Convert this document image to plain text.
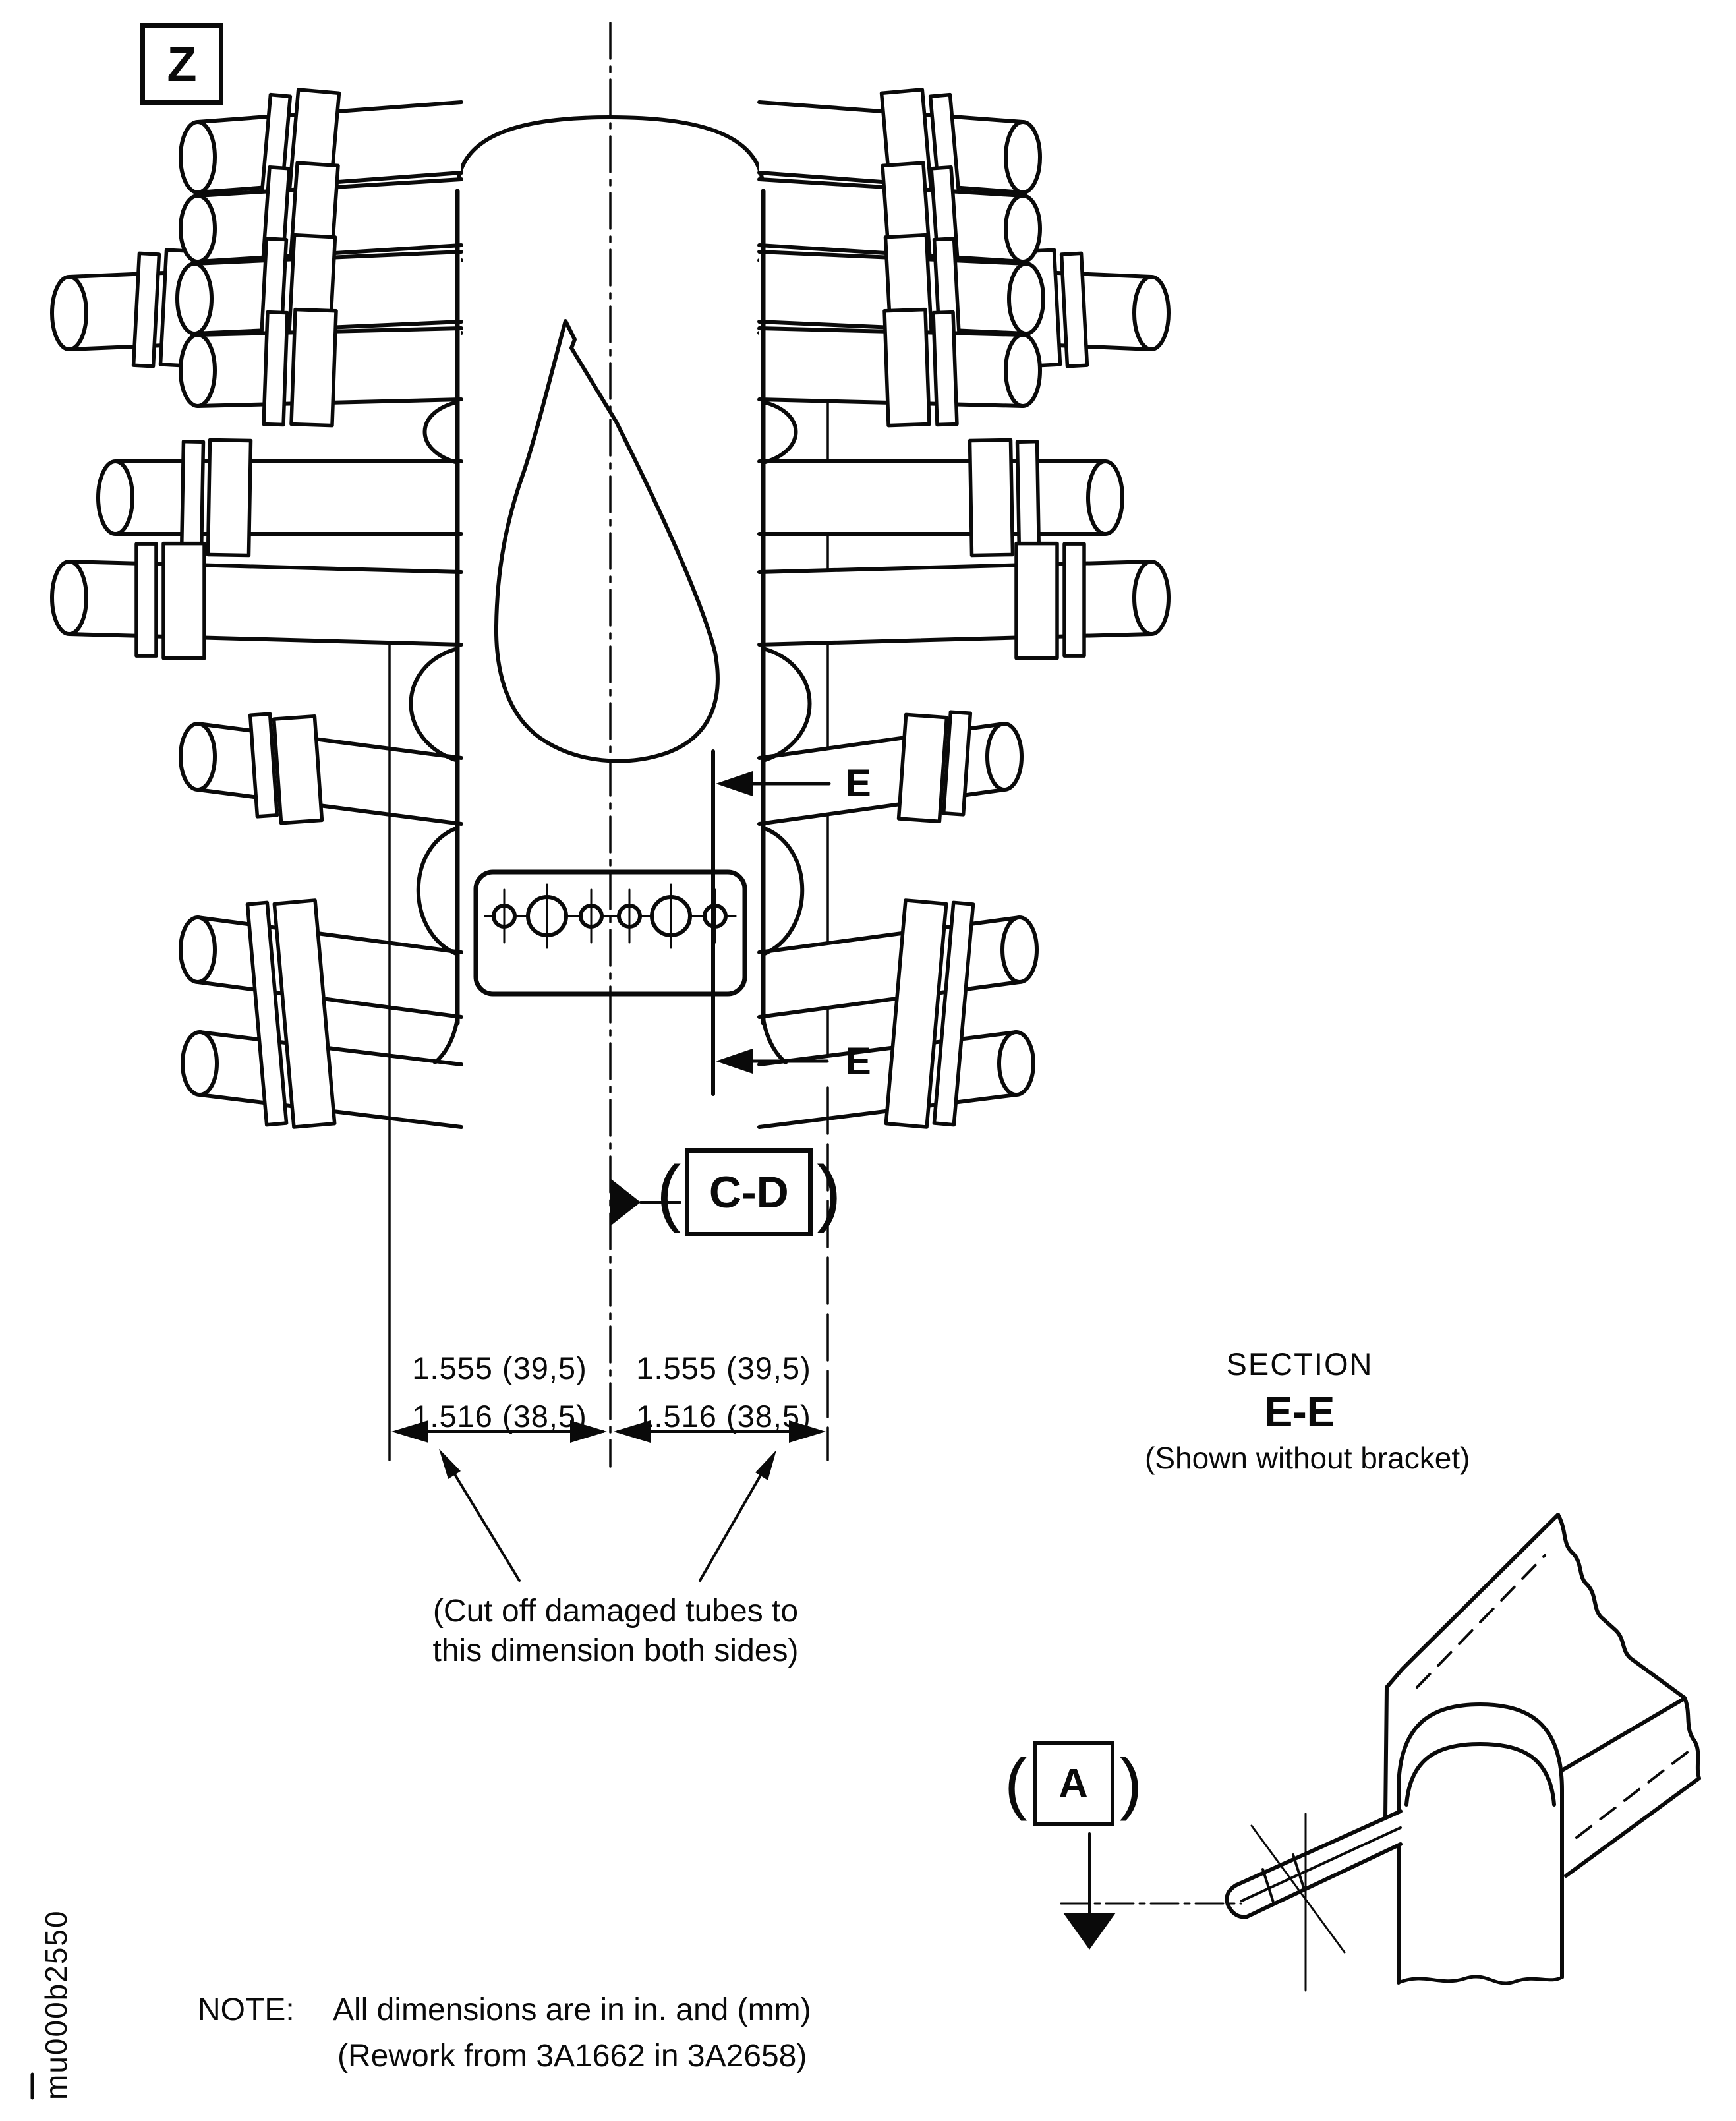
Z
E
E
( C-D )
( A )
1.555 (39,5)
1.516 (38,5)
1.555 (39,5)
1.516 (38,5)
(Cut off damaged tubes to
this dimension both sides)
SECTION
E-E
(Shown without bracket)
NOTE: All dimensions are in in. and (mm)
(Rework from 3A1662 in 3A2658)
mu000b2550
